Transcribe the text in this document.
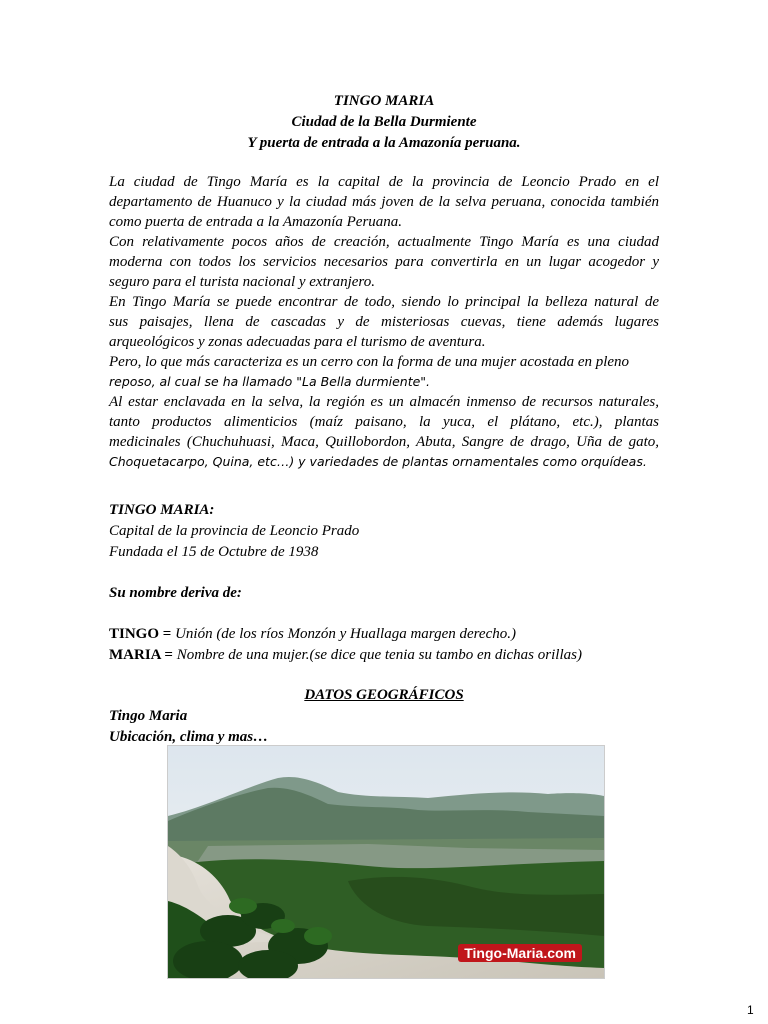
TINGO MARIA
Ciudad de la Bella Durmiente
Y puerta de entrada a la Amazonía peruana.
La ciudad de Tingo María es la capital de la provincia de Leoncio Prado en el
departamento de Huanuco y la ciudad más joven de la selva peruana, conocida también
como puerta de entrada a la Amazonía Peruana.
Con relativamente pocos años de creación, actualmente Tingo María es una ciudad
moderna con todos los servicios necesarios para convertirla en un lugar acogedor y
seguro para el turista nacional y extranjero.
En Tingo María se puede encontrar de todo, siendo lo principal la belleza natural de
sus paisajes, llena de cascadas y de misteriosas cuevas, tiene además lugares
arqueológicos y zonas adecuadas para el turismo de aventura.
Pero, lo que más caracteriza es un cerro con la forma de una mujer acostada en pleno
reposo, al cual se ha llamado "La Bella durmiente".
Al estar enclavada en la selva, la región es un almacén inmenso de recursos naturales,
tanto productos alimenticios (maíz paisano, la yuca, el plátano, etc.), plantas
medicinales (Chuchuhuasi, Maca, Quillobordon, Abuta, Sangre de drago, Uña de gato,
Choquetacarpo, Quina, etc…) y variedades de plantas ornamentales como orquídeas.
TINGO MARIA:
Capital de la provincia de Leoncio Prado
Fundada el 15 de Octubre de 1938
Su nombre deriva de:
TINGO = Unión (de los ríos Monzón y Huallaga margen derecho.)
MARIA = Nombre de una mujer.(se dice que tenia su tambo en dichas orillas)
DATOS GEOGRÁFICOS
Tingo Maria
Ubicación, clima y mas…
Tingo-Maria.com
1
